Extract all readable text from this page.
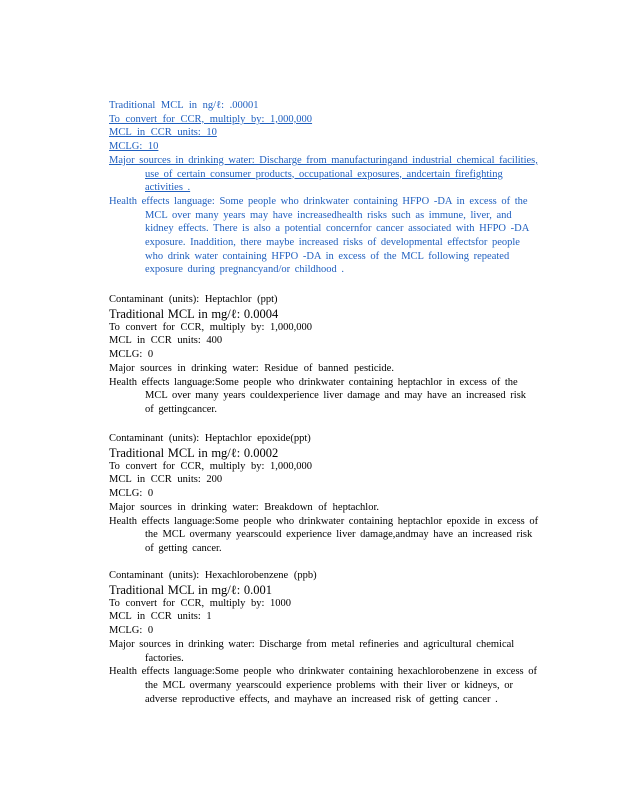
Traditional MCL in ng/ℓ: .00001
To convert for CCR, multiply by: 1,000,000
MCL in CCR units: 10
MCLG: 10
Major sources in drinking water: Discharge from manufacturingand industrial chemical facilities, use of certain consumer products, occupational exposures, andcertain firefighting activities .
Health effects language: Some people who drinkwater containing HFPO -DA in excess of the MCL over many years may have increasedhealth risks such as immune, liver, and kidney effects. There is also a potential concernfor cancer associated with HFPO -DA exposure. Inaddition, there maybe increased risks of developmental effectsfor people who drink water containing HFPO -DA in excess of the MCL following repeated exposure during pregnancyand/or childhood .
Contaminant (units): Heptachlor (ppt)
Traditional MCL in mg/ℓ: 0.0004
To convert for CCR, multiply by: 1,000,000
MCL in CCR units: 400
MCLG: 0
Major sources in drinking water: Residue of banned pesticide.
Health effects language:Some people who drinkwater containing heptachlor in excess of the MCL over many years couldexperience liver damage and may have an increased risk of gettingcancer.
Contaminant (units): Heptachlor epoxide(ppt)
Traditional MCL in mg/ℓ: 0.0002
To convert for CCR, multiply by: 1,000,000
MCL in CCR units: 200
MCLG: 0
Major sources in drinking water: Breakdown of heptachlor.
Health effects language:Some people who drinkwater containing heptachlor epoxide in excess of the MCL overmany yearscould experience liver damage,andmay have an increased risk of getting cancer.
Contaminant (units): Hexachlorobenzene (ppb)
Traditional MCL in mg/ℓ: 0.001
To convert for CCR, multiply by: 1000
MCL in CCR units: 1
MCLG: 0
Major sources in drinking water: Discharge from metal refineries and agricultural chemical factories.
Health effects language:Some people who drinkwater containing hexachlorobenzene in excess of the MCL overmany yearscould experience problems with their liver or kidneys, or adverse reproductive effects, and mayhave an increased risk of getting cancer .
